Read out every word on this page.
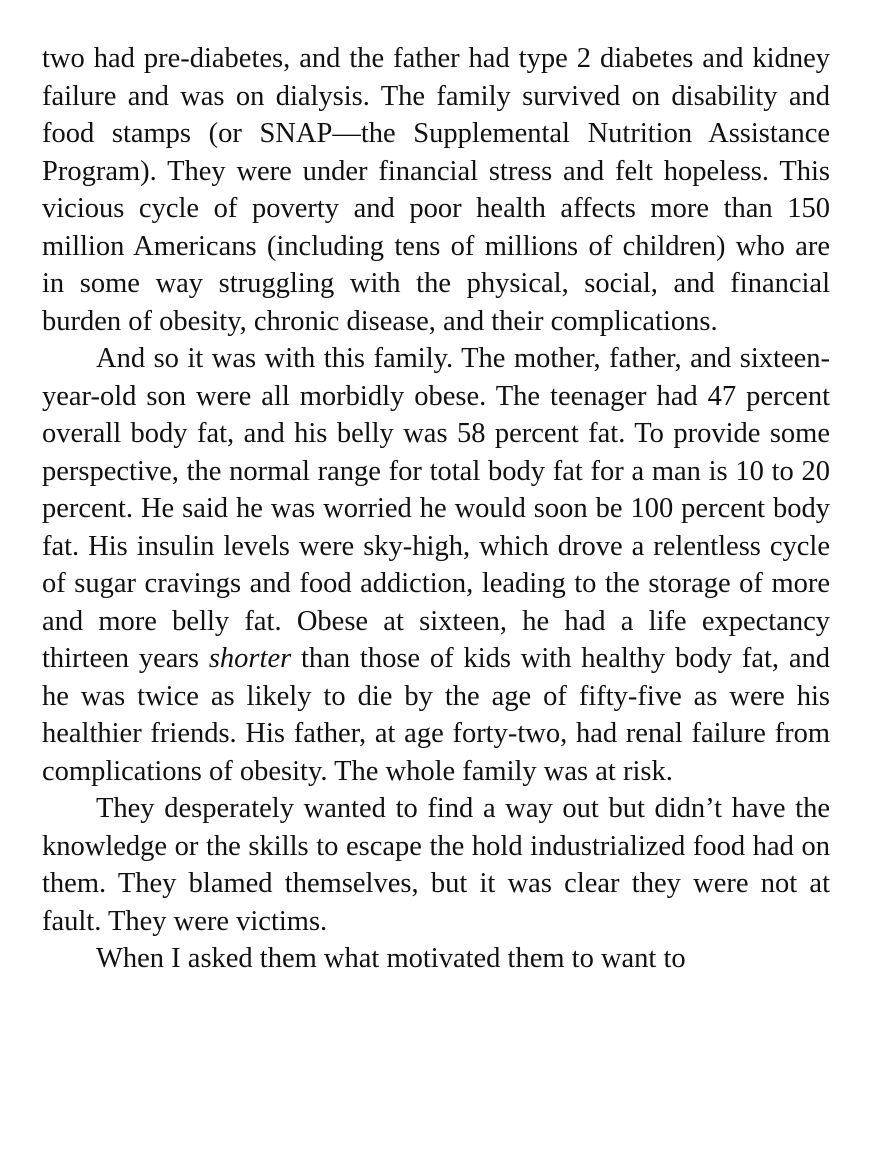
two had pre-diabetes, and the father had type 2 diabetes and kidney failure and was on dialysis. The family survived on disability and food stamps (or SNAP—the Supplemental Nutrition Assistance Program). They were under financial stress and felt hopeless. This vicious cycle of poverty and poor health affects more than 150 million Americans (including tens of millions of children) who are in some way struggling with the physical, social, and financial burden of obesity, chronic disease, and their complications.

And so it was with this family. The mother, father, and sixteen-year-old son were all morbidly obese. The teenager had 47 percent overall body fat, and his belly was 58 percent fat. To provide some perspective, the normal range for total body fat for a man is 10 to 20 percent. He said he was worried he would soon be 100 percent body fat. His insulin levels were sky-high, which drove a relentless cycle of sugar cravings and food addiction, leading to the storage of more and more belly fat. Obese at sixteen, he had a life expectancy thirteen years shorter than those of kids with healthy body fat, and he was twice as likely to die by the age of fifty-five as were his healthier friends. His father, at age forty-two, had renal failure from complications of obesity. The whole family was at risk.

They desperately wanted to find a way out but didn’t have the knowledge or the skills to escape the hold industrialized food had on them. They blamed themselves, but it was clear they were not at fault. They were victims.

When I asked them what motivated them to want to
